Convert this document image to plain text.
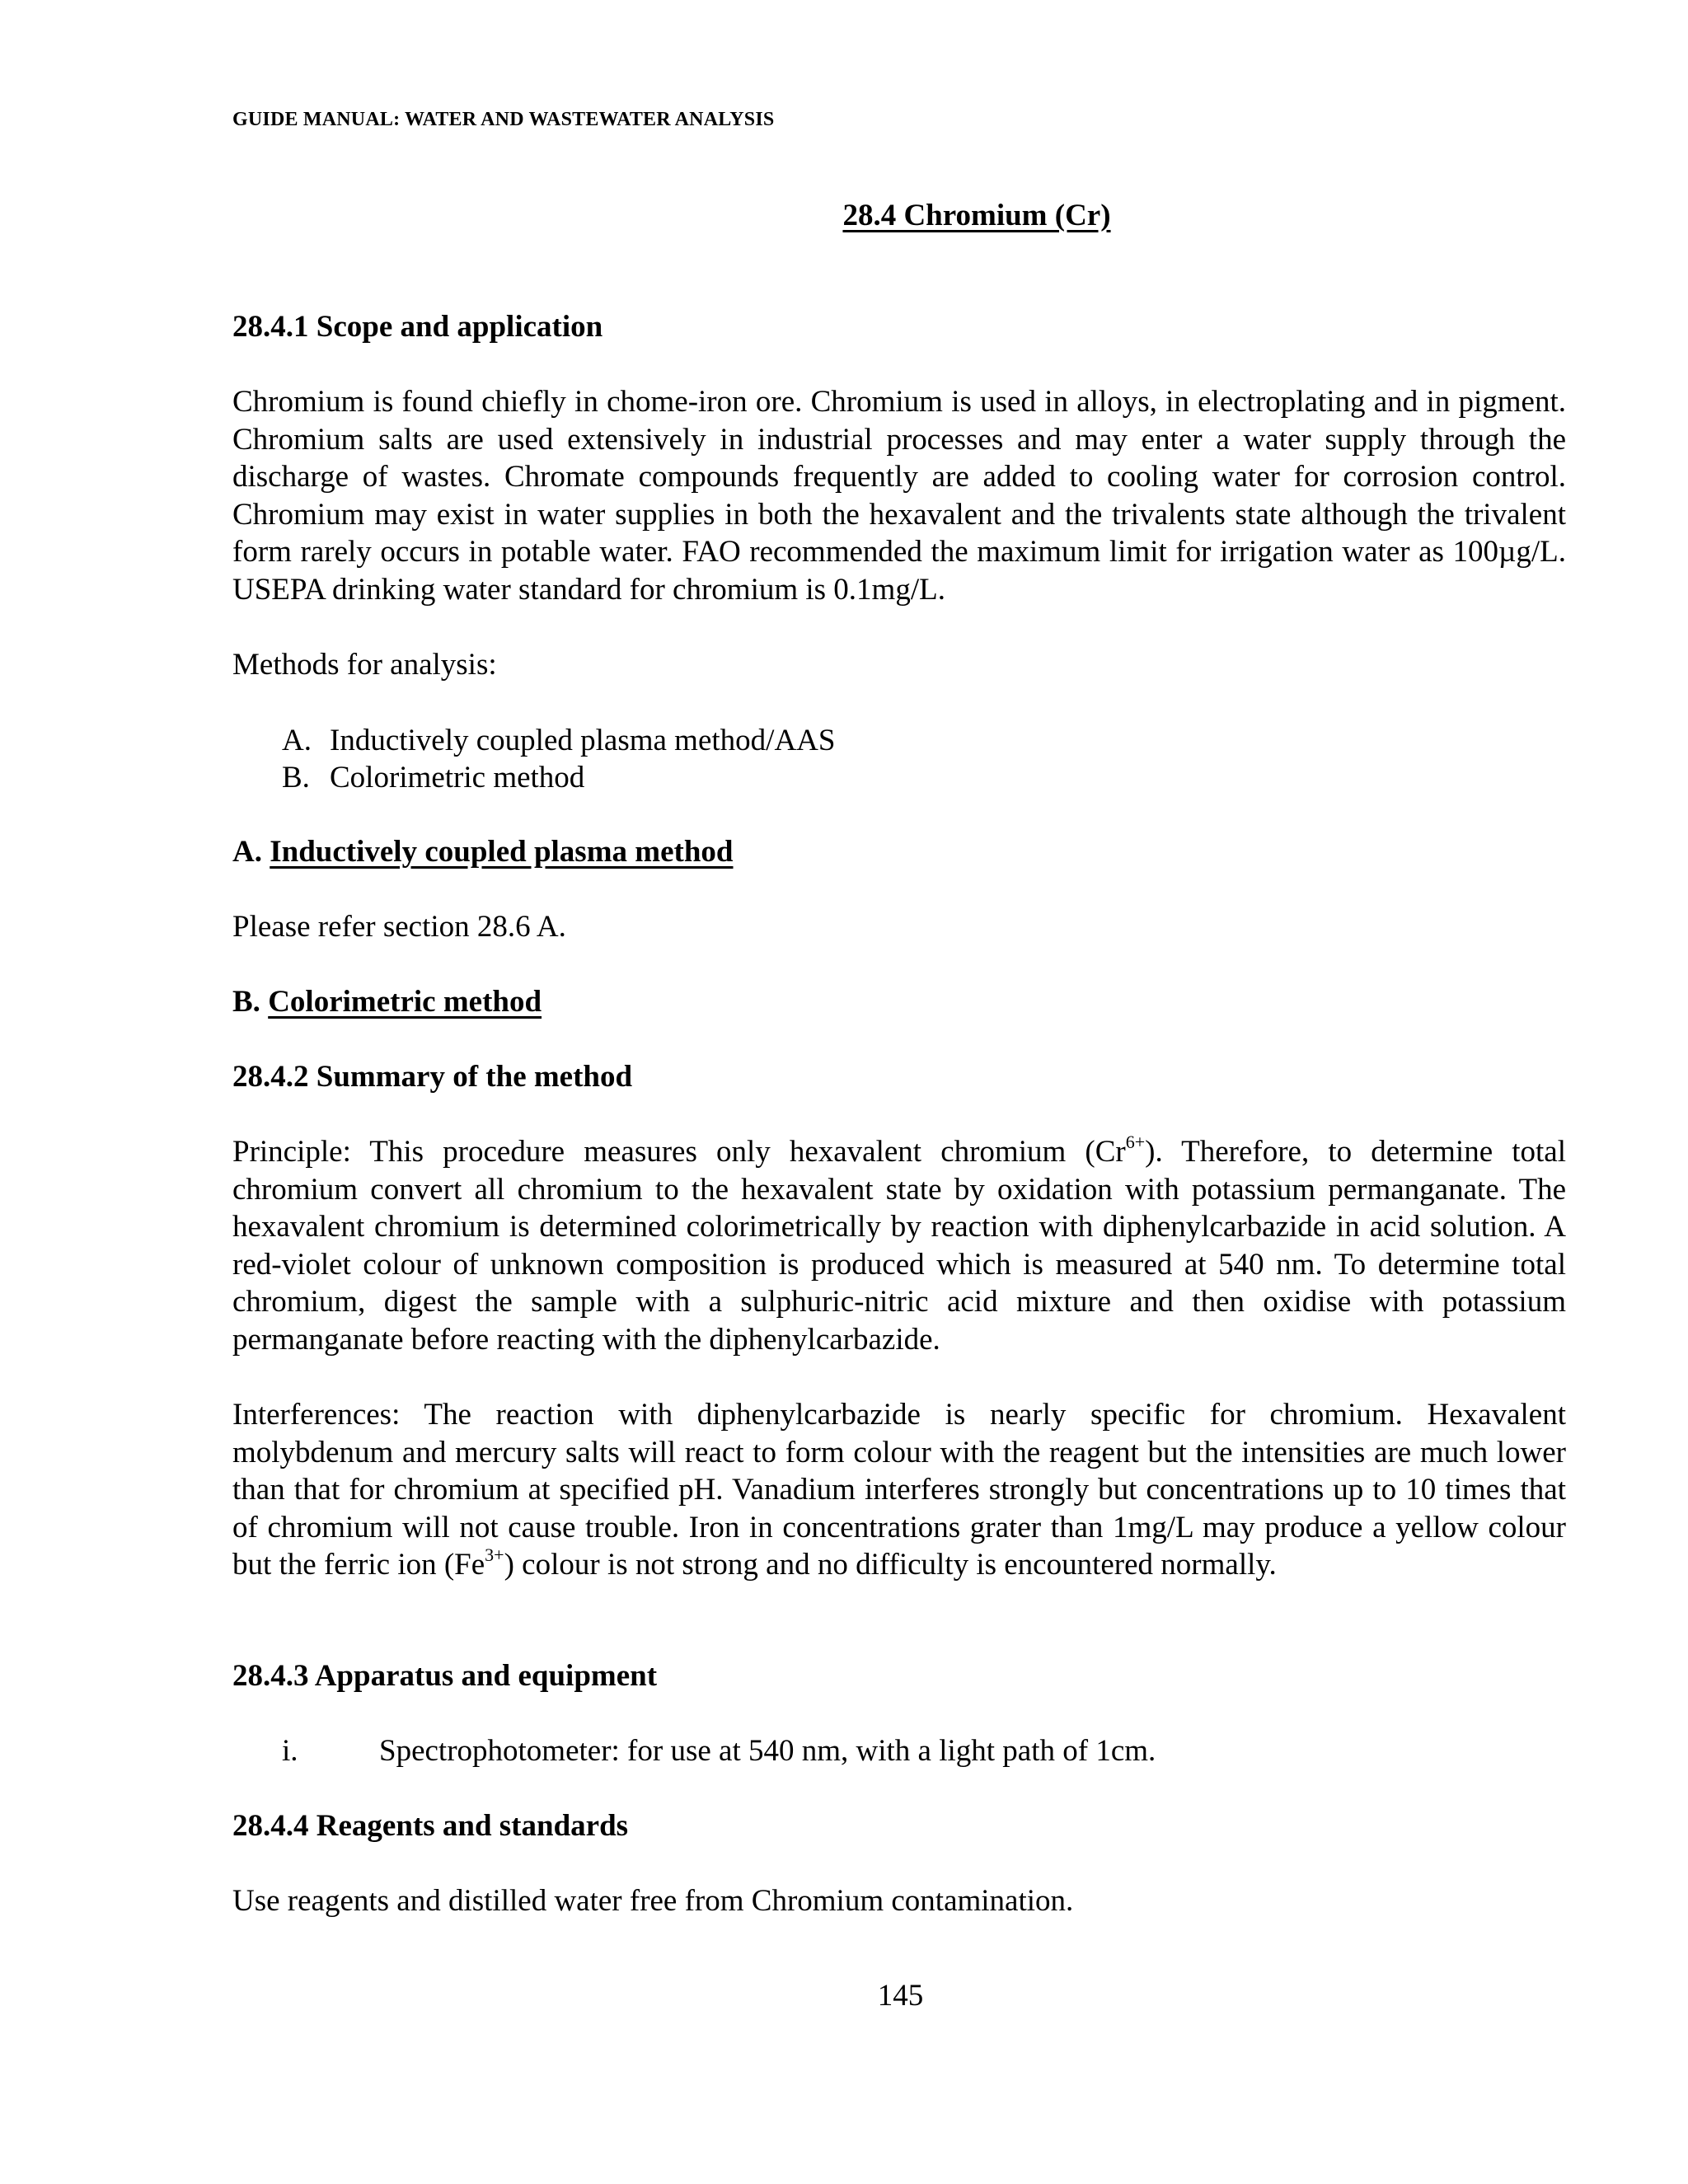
GUIDE MANUAL: WATER AND WASTEWATER ANALYSIS
28.4 Chromium (Cr)
28.4.1 Scope and application
Chromium is found chiefly in chome-iron ore. Chromium is used in alloys, in electroplating and in pigment. Chromium salts are used extensively in industrial processes and may enter a water supply through the discharge of wastes. Chromate compounds frequently are added to cooling water for corrosion control. Chromium may exist in water supplies in both the hexavalent and the trivalents state although the trivalent form rarely occurs in potable water. FAO recommended the maximum limit for irrigation water as 100µg/L. USEPA drinking water standard for chromium is 0.1mg/L.
Methods for analysis:
A. Inductively coupled plasma method/AAS
B. Colorimetric method
A. Inductively coupled plasma method
Please refer section 28.6 A.
B. Colorimetric method
28.4.2 Summary of the method
Principle: This procedure measures only hexavalent chromium $(Cr^{6+})$. Therefore, to determine total chromium convert all chromium to the hexavalent state by oxidation with potassium permanganate. The hexavalent chromium is determined colorimetrically by reaction with diphenylcarbazide in acid solution. A red-violet colour of unknown composition is produced which is measured at 540 nm. To determine total chromium, digest the sample with a sulphuric-nitric acid mixture and then oxidise with potassium permanganate before reacting with the diphenylcarbazide.
Interferences: The reaction with diphenylcarbazide is nearly specific for chromium. Hexavalent molybdenum and mercury salts will react to form colour with the reagent but the intensities are much lower than that for chromium at specified pH. Vanadium interferes strongly but concentrations up to 10 times that of chromium will not cause trouble. Iron in concentrations grater than 1mg/L may produce a yellow colour but the ferric ion $(Fe^{3+})$ colour is not strong and no difficulty is encountered normally.
28.4.3 Apparatus and equipment
i.	Spectrophotometer: for use at 540 nm, with a light path of 1cm.
28.4.4 Reagents and standards
Use reagents and distilled water free from Chromium contamination.
145
